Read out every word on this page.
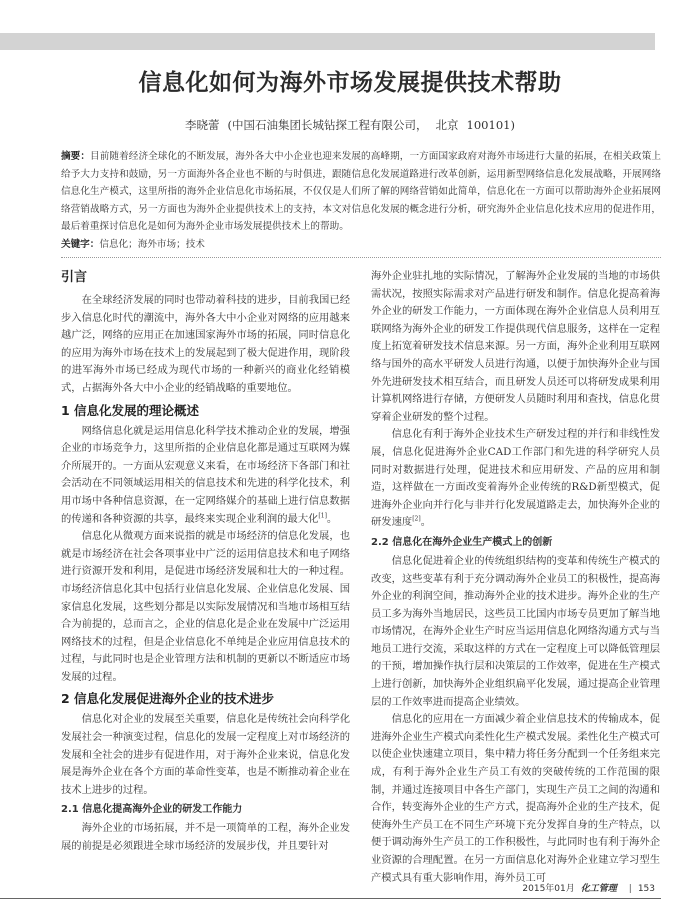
信息化如何为海外市场发展提供技术帮助
李晓蕾 (中国石油集团长城钻探工程有限公司， 北京 100101)
摘要：目前随着经济全球化的不断发展，海外各大中小企业也迎来发展的高峰期，一方面国家政府对海外市场进行大量的拓展，在相关政策上给予大力支持和鼓励，另一方面海外各企业也不断的与时俱进，跟随信息化发展道路进行改革创新，运用新型网络信息化发展战略，开展网络信息化生产模式，这里所指的海外企业信息化市场拓展，不仅仅是人们所了解的网络营销如此简单，信息化在一方面可以帮助海外企业拓展网络营销战略方式，另一方面也为海外企业提供技术上的支持，本文对信息化发展的概念进行分析，研究海外企业信息化技术应用的促进作用，最后着重探讨信息化是如何为海外企业市场发展提供技术上的帮助。
关键字：信息化；海外市场；技术
引言

在全球经济发展的同时也带动着科技的进步，目前我国已经步入信息化时代的潮流中，海外各大中小企业对网络的应用越来越广泛，网络的应用正在加速国家海外市场的拓展，同时信息化的应用为海外市场在技术上的发展起到了极大促进作用，现阶段的进军海外市场已经成为现代市场的一种新兴的商业化经销模式，占据海外各大中小企业的经销战略的重要地位。

1 信息化发展的理论概述

网络信息化就是运用信息化科学技术推动企业的发展，增强企业的市场竞争力，这里所指的企业信息化都是通过互联网为媒介所展开的。一方面从宏观意义来看，在市场经济下各部门和社会活动在不同领域运用相关的信息技术和先进的科学化技术，利用市场中各种信息资源，在一定网络媒介的基础上进行信息数据的传递和各种资源的共享，最终来实现企业利润的最大化[1]。

信息化从微观方面来说指的就是市场经济的信息化发展，也就是市场经济在社会各项事业中广泛的运用信息技术和电子网络进行资源开发和利用，是促进市场经济发展和壮大的一种过程。市场经济信息化其中包括行业信息化发展、企业信息化发展、国家信息化发展，这些划分都是以实际发展情况和当地市场相互结合为前提的，总而言之，企业的信息化是企业在发展中广泛运用网络技术的过程，但是企业信息化不单纯是企业应用信息技术的过程，与此同时也是企业管理方法和机制的更新以不断适应市场发展的过程。

2 信息化发展促进海外企业的技术进步

信息化对企业的发展至关重要，信息化是传统社会向科学化发展社会一种演变过程，信息化的发展一定程度上对市场经济的发展和全社会的进步有促进作用，对于海外企业来说，信息化发展是海外企业在各个方面的革命性变革，也是不断推动着企业在技术上进步的过程。

2.1 信息化提高海外企业的研发工作能力

海外企业的市场拓展，并不是一项简单的工程，海外企业发展的前提是必须跟进全球市场经济的发展步伐，并且要针对

海外企业驻扎地的实际情况，了解海外企业发展的当地的市场供需状况，按照实际需求对产品进行研发和制作。信息化提高着海外企业的研发工作能力，一方面体现在海外企业信息人员利用互联网络为海外企业的研发工作提供现代信息服务，这样在一定程度上拓宽着研发技术信息来源。另一方面，海外企业利用互联网络与国外的高水平研发人员进行沟通，以便于加快海外企业与国外先进研发技术相互结合，而且研发人员还可以将研发成果利用计算机网络进行存储，方便研发人员随时利用和查找，信息化贯穿着企业研发的整个过程。

信息化有利于海外企业技术生产研发过程的并行和非线性发展，信息化促进海外企业CAD工作部门和先进的科学研究人员同时对数据进行处理，促进技术和应用研发、产品的应用和制造，这样做在一方面改变着海外企业传统的R&D新型模式，促进海外企业向并行化与非并行化发展道路走去，加快海外企业的研发速度[2]。

2.2 信息化在海外企业生产模式上的创新

信息化促进着企业的传统组织结构的变革和传统生产模式的改变，这些变革有利于充分调动海外企业员工的积极性，提高海外企业的利润空间，推动海外企业的技术进步。海外企业的生产员工多为海外当地居民，这些员工比国内市场专员更加了解当地市场情况，在海外企业生产时应当运用信息化网络沟通方式与当地员工进行交流，采取这样的方式在一定程度上可以降低管理层的干预，增加操作执行层和决策层的工作效率，促进在生产模式上进行创新，加快海外企业组织扁平化发展，通过提高企业管理层的工作效率进而提高企业绩效。

信息化的应用在一方面减少着企业信息技术的传输成本，促进海外企业生产模式向柔性化生产模式发展。柔性化生产模式可以使企业快速建立项目，集中精力将任务分配到一个任务组来完成，有利于海外企业生产员工有效的突破传统的工作范围的限制，并通过连接项目中各生产部门，实现生产员工之间的沟通和合作，转变海外企业的生产方式，提高海外企业的生产技术，促使海外生产员工在不同生产环境下充分发挥自身的生产特点，以便于调动海外生产员工的工作积极性，与此同时也有利于海外企业资源的合理配置。在另一方面信息化对海外企业建立学习型生产模式具有重大影响作用，海外员工可

2015年01月 化工管理 | 153
